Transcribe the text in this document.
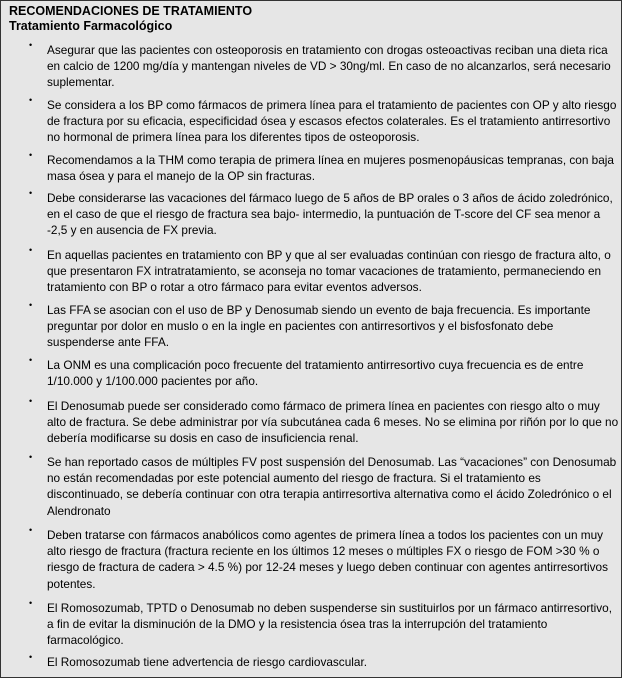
RECOMENDACIONES DE TRATAMIENTO
Tratamiento Farmacológico
• Asegurar que las pacientes con osteoporosis en tratamiento con drogas osteoactivas reciban una dieta rica en calcio de 1200 mg/día y mantengan niveles de VD > 30ng/ml. En caso de no alcanzarlos, será necesario suplementar.

• Se considera a los BP como fármacos de primera línea para el tratamiento de pacientes con OP y alto riesgo de fractura por su eficacia, especificidad ósea y escasos efectos colaterales. Es el tratamiento antirresortivo no hormonal de primera línea para los diferentes tipos de osteoporosis.

• Recomendamos a la THM como terapia de primera línea en mujeres posmenopáusicas tempranas, con baja masa ósea y para el manejo de la OP sin fracturas.

• Debe considerarse las vacaciones del fármaco luego de 5 años de BP orales o 3 años de ácido zoledrónico, en el caso de que el riesgo de fractura sea bajo- intermedio, la puntuación de T-score del CF sea menor a -2,5 y en ausencia de FX previa.

• En aquellas pacientes en tratamiento con BP y que al ser evaluadas continúan con riesgo de fractura alto, o que presentaron FX intratratamiento, se aconseja no tomar vacaciones de tratamiento, permaneciendo en tratamiento con BP o rotar a otro fármaco para evitar eventos adversos.

• Las FFA se asocian con el uso de BP y Denosumab siendo un evento de baja frecuencia. Es importante preguntar por dolor en muslo o en la ingle en pacientes con antirresortivos y el bisfosfonato debe suspenderse ante FFA.

• La ONM es una complicación poco frecuente del tratamiento antirresortivo cuya frecuencia es de entre 1/10.000 y 1/100.000 pacientes por año.

• El Denosumab puede ser considerado como fármaco de primera línea en pacientes con riesgo alto o muy alto de fractura. Se debe administrar por vía subcutánea cada 6 meses. No se elimina por riñón por lo que no debería modificarse su dosis en caso de insuficiencia renal.

• Se han reportado casos de múltiples FV post suspensión del Denosumab. Las “vacaciones” con Denosumab no están recomendadas por este potencial aumento del riesgo de fractura. Si el tratamiento es discontinuado, se debería continuar con otra terapia antirresortiva alternativa como el ácido Zoledrónico o el Alendronato

• Deben tratarse con fármacos anabólicos como agentes de primera línea a todos los pacientes con un muy alto riesgo de fractura (fractura reciente en los últimos 12 meses o múltiples FX o riesgo de FOM >30 % o riesgo de fractura de cadera > 4.5 %) por 12-24 meses y luego deben continuar con agentes antirresortivos potentes.

• El Romosozumab, TPTD o Denosumab no deben suspenderse sin sustituirlos por un fármaco antirresortivo, a fin de evitar la disminución de la DMO y la resistencia ósea tras la interrupción del tratamiento farmacológico.

• El Romosozumab tiene advertencia de riesgo cardiovascular.
